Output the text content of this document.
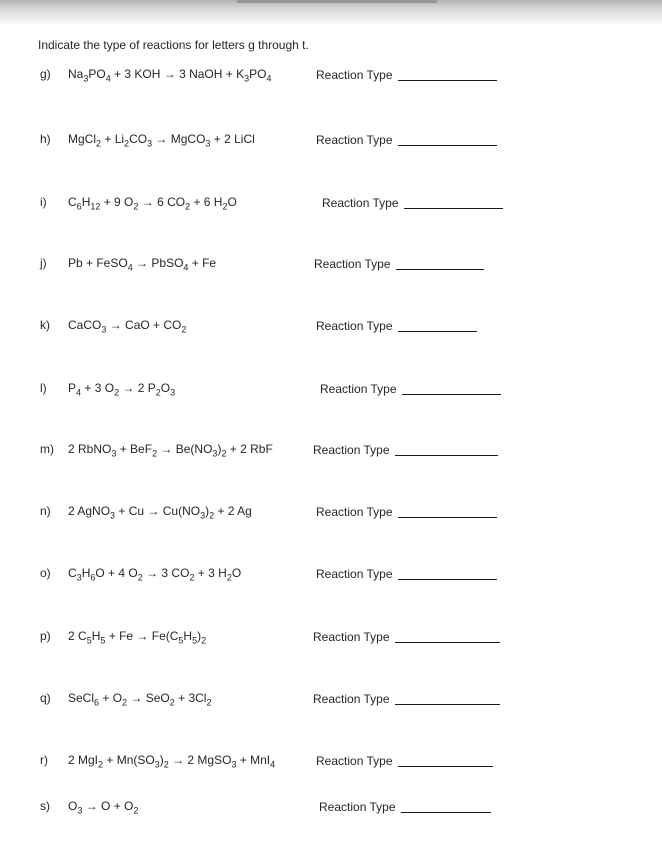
Indicate the type of reactions for letters g through t.
g) $Na_3PO_4 + 3$ KOH → 3 NaOH + $K_3PO_4$	Reaction Type
h) MgCl$_2$ + $Li_2CO_3$ → MgCO$_3$ + 2 LiCl	Reaction Type
i) $C_6H_{12} + 9$ $O_2 \to 6$ $CO_2 + 6$ $H_2O$	Reaction Type
j) Pb + FeSO$_4$ → PbSO$_4$ + Fe	Reaction Type
k) CaCO$_3$ → CaO + $CO_2$	Reaction Type
l) $P_4 + 3$ $O_2 \to 2$ $P_2O_3$	Reaction Type
m) 2 RbNO$_3$ + $BeF_2 \to Be(NO_3)_2 + 2$ RbF	Reaction Type
n) 2 AgNO$_3$ + $Cu \to Cu(NO_3)_2 + 2$ Ag	Reaction Type
o) $C_3H_6O + 4$ $O_2 \to 3$ $CO_2 + 3$ $H_2O$	Reaction Type
p) 2 $C_5H_5 + Fe \to Fe(C_5H_5)_2$	Reaction Type
q) SeCl$_6$ + $O_2 \to SeO_2 + 3Cl_2$	Reaction Type
r) 2 $MgI_2 + Mn(SO_3)_2 \to 2$ MgSO$_3$ + MnI$_4$	Reaction Type
s) $O_3 \to O + O_2$	Reaction Type
